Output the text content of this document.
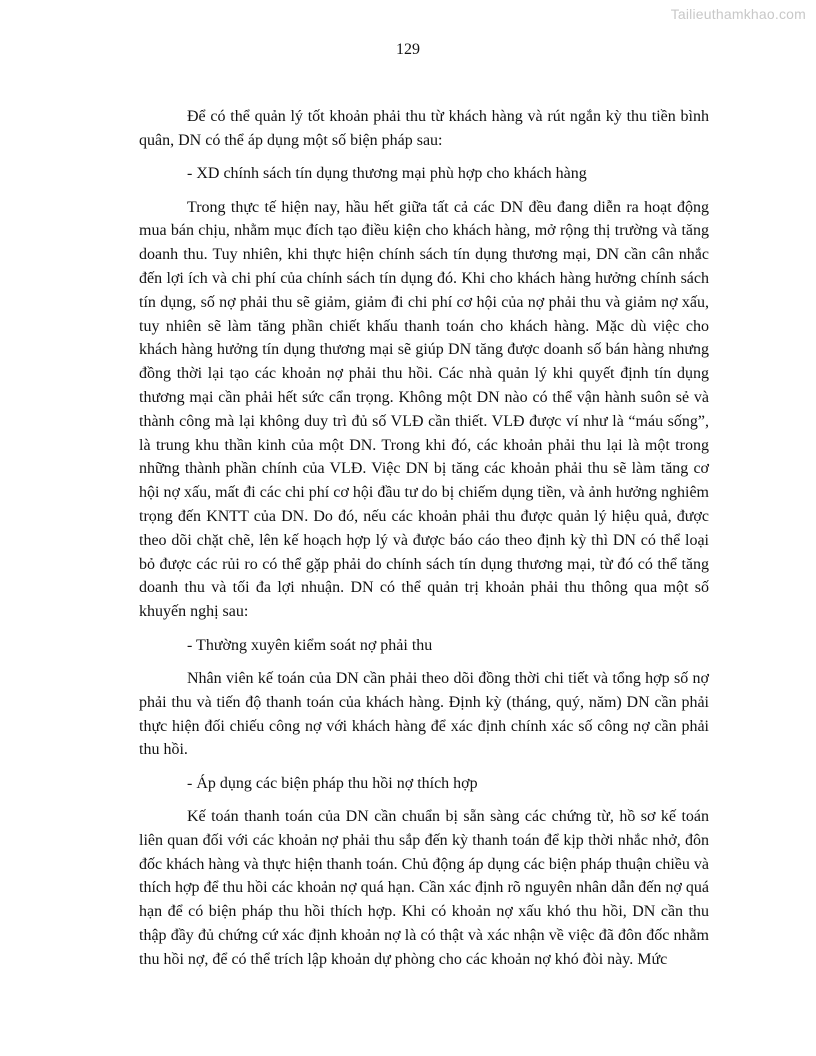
Tailieuthamkhao.com
129

Để có thể quản lý tốt khoản phải thu từ khách hàng và rút ngắn kỳ thu tiền bình quân, DN có thể áp dụng một số biện pháp sau:

- XD chính sách tín dụng thương mại phù hợp cho khách hàng

Trong thực tế hiện nay, hầu hết giữa tất cả các DN đều đang diễn ra hoạt động mua bán chịu, nhằm mục đích tạo điều kiện cho khách hàng, mở rộng thị trường và tăng doanh thu. Tuy nhiên, khi thực hiện chính sách tín dụng thương mại, DN cần cân nhắc đến lợi ích và chi phí của chính sách tín dụng đó. Khi cho khách hàng hưởng chính sách tín dụng, số nợ phải thu sẽ giảm, giảm đi chi phí cơ hội của nợ phải thu và giảm nợ xấu, tuy nhiên sẽ làm tăng phần chiết khấu thanh toán cho khách hàng. Mặc dù việc cho khách hàng hưởng tín dụng thương mại sẽ giúp DN tăng được doanh số bán hàng nhưng đồng thời lại tạo các khoản nợ phải thu hồi. Các nhà quản lý khi quyết định tín dụng thương mại cần phải hết sức cẩn trọng. Không một DN nào có thể vận hành suôn sẻ và thành công mà lại không duy trì đủ số VLĐ cần thiết. VLĐ được ví như là “máu sống”, là trung khu thần kinh của một DN. Trong khi đó, các khoản phải thu lại là một trong những thành phần chính của VLĐ. Việc DN bị tăng các khoản phải thu sẽ làm tăng cơ hội nợ xấu, mất đi các chi phí cơ hội đầu tư do bị chiếm dụng tiền, và ảnh hưởng nghiêm trọng đến KNTT của DN. Do đó, nếu các khoản phải thu được quản lý hiệu quả, được theo dõi chặt chẽ, lên kế hoạch hợp lý và được báo cáo theo định kỳ thì DN có thể loại bỏ được các rủi ro có thể gặp phải do chính sách tín dụng thương mại, từ đó có thể tăng doanh thu và tối đa lợi nhuận. DN có thể quản trị khoản phải thu thông qua một số khuyến nghị sau:

- Thường xuyên kiểm soát nợ phải thu

Nhân viên kế toán của DN cần phải theo dõi đồng thời chi tiết và tổng hợp số nợ phải thu và tiến độ thanh toán của khách hàng. Định kỳ (tháng, quý, năm) DN cần phải thực hiện đối chiếu công nợ với khách hàng để xác định chính xác số công nợ cần phải thu hồi.

- Áp dụng các biện pháp thu hồi nợ thích hợp

Kế toán thanh toán của DN cần chuẩn bị sẵn sàng các chứng từ, hồ sơ kế toán liên quan đối với các khoản nợ phải thu sắp đến kỳ thanh toán để kịp thời nhắc nhở, đôn đốc khách hàng và thực hiện thanh toán. Chủ động áp dụng các biện pháp thuận chiều và thích hợp để thu hồi các khoản nợ quá hạn. Cần xác định rõ nguyên nhân dẫn đến nợ quá hạn để có biện pháp thu hồi thích hợp. Khi có khoản nợ xấu khó thu hồi, DN cần thu thập đầy đủ chứng cứ xác định khoản nợ là có thật và xác nhận về việc đã đôn đốc nhằm thu hồi nợ, để có thể trích lập khoản dự phòng cho các khoản nợ khó đòi này. Mức
